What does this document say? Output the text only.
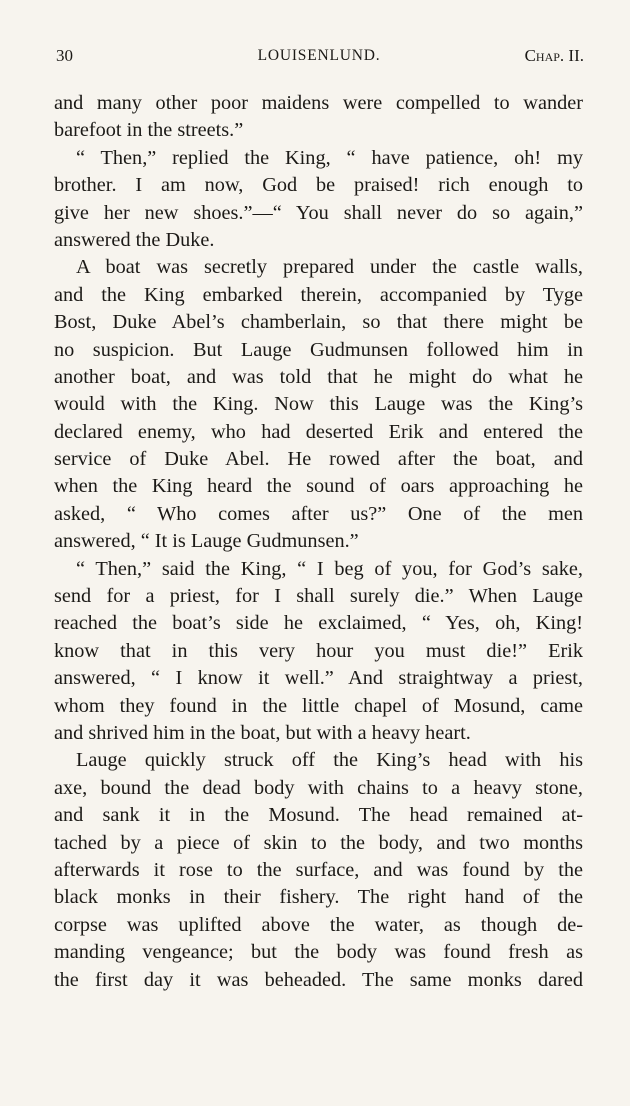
30	LOUISENLUND.	Chap. II.
and many other poor maidens were compelled to wander
barefoot in the streets.”
“ Then,” replied the King, “ have patience, oh! my
brother. I am now, God be praised! rich enough to
give her new shoes.”—“ You shall never do so again,”
answered the Duke.
A boat was secretly prepared under the castle walls,
and the King embarked therein, accompanied by Tyge
Bost, Duke Abel’s chamberlain, so that there might be
no suspicion. But Lauge Gudmunsen followed him in
another boat, and was told that he might do what he
would with the King. Now this Lauge was the King’s
declared enemy, who had deserted Erik and entered the
service of Duke Abel. He rowed after the boat, and
when the King heard the sound of oars approaching he
asked, “ Who comes after us?” One of the men
answered, “ It is Lauge Gudmunsen.”
“ Then,” said the King, “ I beg of you, for God’s sake,
send for a priest, for I shall surely die.” When Lauge
reached the boat’s side he exclaimed, “ Yes, oh, King!
know that in this very hour you must die!” Erik
answered, “ I know it well.” And straightway a priest,
whom they found in the little chapel of Mosund, came
and shrived him in the boat, but with a heavy heart.
Lauge quickly struck off the King’s head with his
axe, bound the dead body with chains to a heavy stone,
and sank it in the Mosund. The head remained at-
tached by a piece of skin to the body, and two months
afterwards it rose to the surface, and was found by the
black monks in their fishery. The right hand of the
corpse was uplifted above the water, as though de-
manding vengeance; but the body was found fresh as
the first day it was beheaded. The same monks dared
